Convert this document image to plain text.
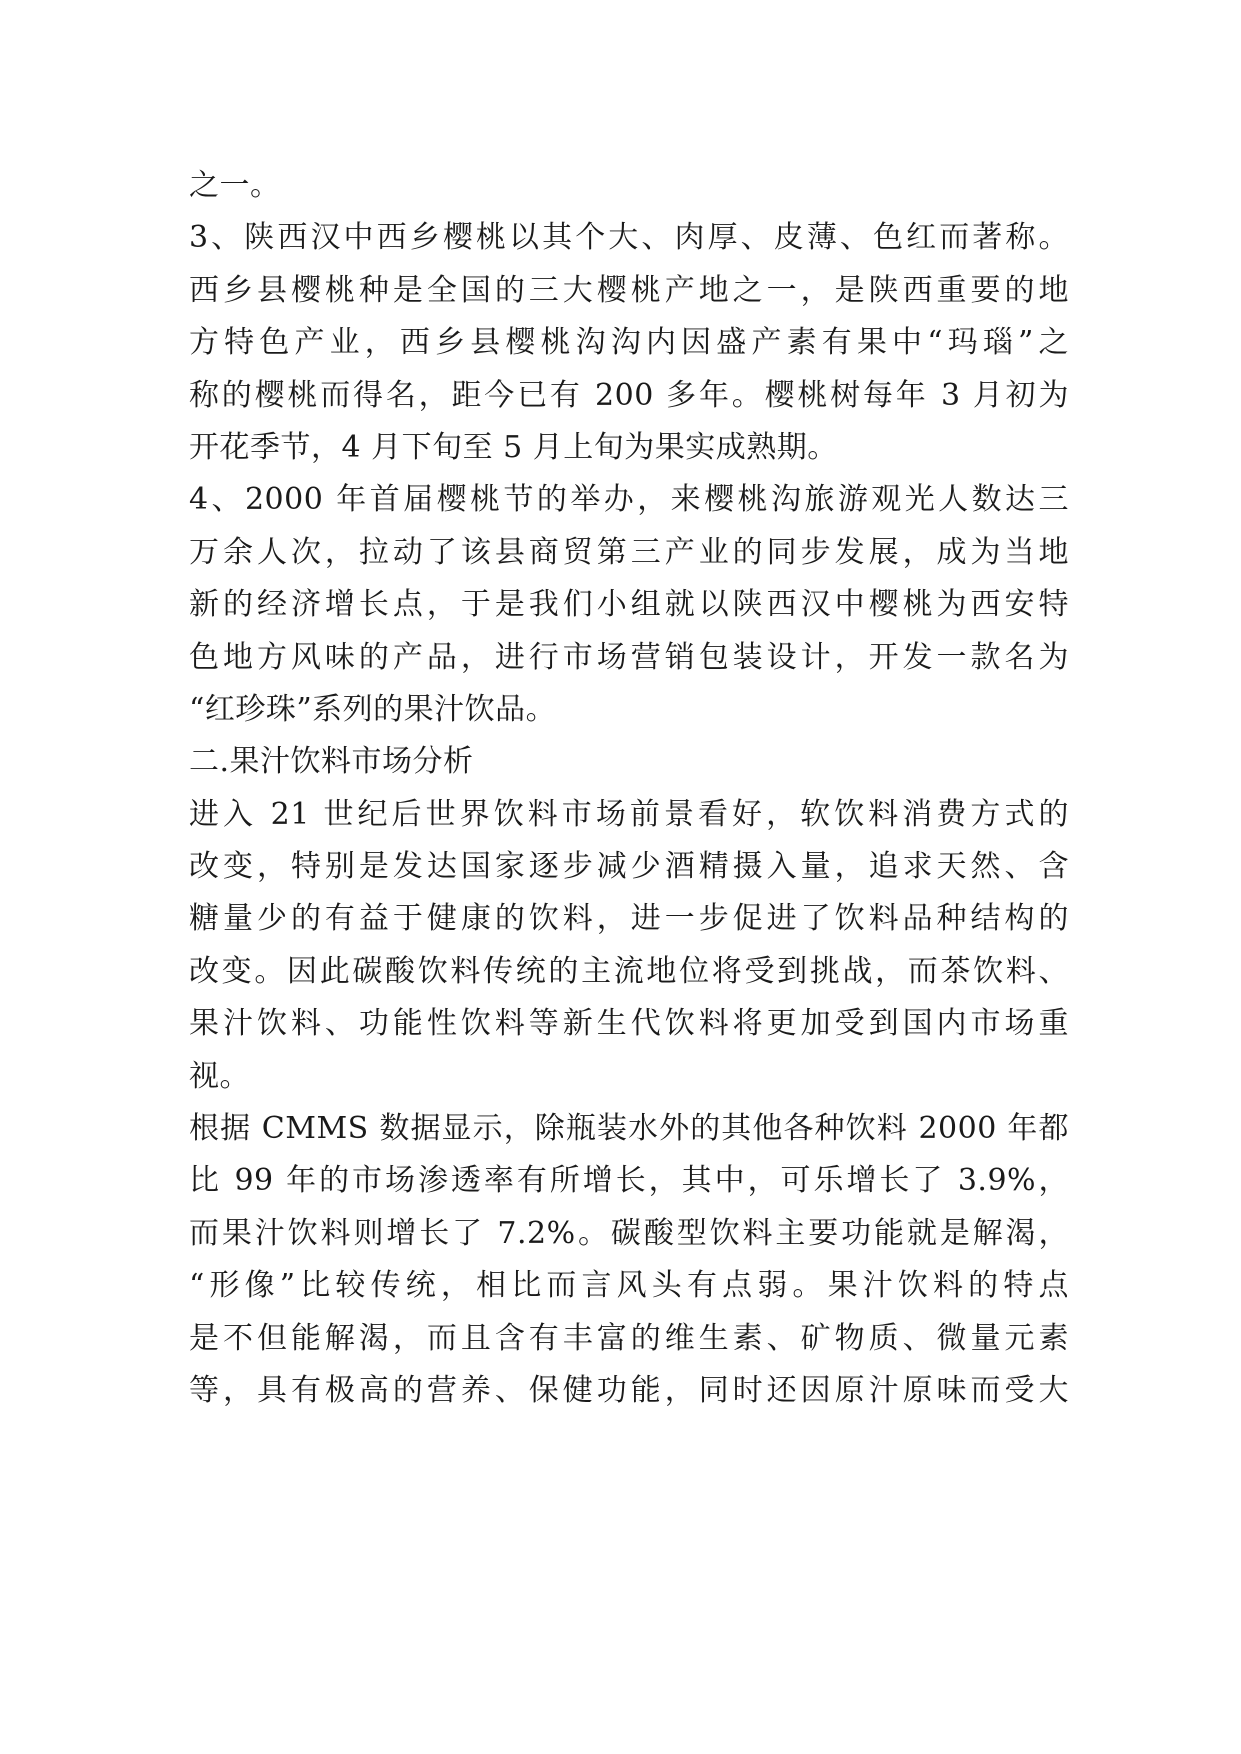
之一。
3、陕西汉中西乡樱桃以其个大、肉厚、皮薄、色红而著称。
西乡县樱桃种是全国的三大樱桃产地之一，是陕西重要的地
方特色产业，西乡县樱桃沟沟内因盛产素有果中“玛瑙”之
称的樱桃而得名，距今已有 200 多年。樱桃树每年 3 月初为
开花季节，4 月下旬至 5 月上旬为果实成熟期。
4、2000 年首届樱桃节的举办，来樱桃沟旅游观光人数达三
万余人次，拉动了该县商贸第三产业的同步发展，成为当地
新的经济增长点，于是我们小组就以陕西汉中樱桃为西安特
色地方风味的产品，进行市场营销包装设计，开发一款名为
“红珍珠”系列的果汁饮品。
二.果汁饮料市场分析
进入 21 世纪后世界饮料市场前景看好，软饮料消费方式的
改变，特别是发达国家逐步减少酒精摄入量，追求天然、含
糖量少的有益于健康的饮料，进一步促进了饮料品种结构的
改变。因此碳酸饮料传统的主流地位将受到挑战，而茶饮料、
果汁饮料、功能性饮料等新生代饮料将更加受到国内市场重
视。
根据 CMMS 数据显示，除瓶装水外的其他各种饮料 2000 年都
比 99 年的市场渗透率有所增长，其中，可乐增长了 3.9%，
而果汁饮料则增长了 7.2%。碳酸型饮料主要功能就是解渴，
“形像”比较传统，相比而言风头有点弱。果汁饮料的特点
是不但能解渴，而且含有丰富的维生素、矿物质、微量元素
等，具有极高的营养、保健功能，同时还因原汁原味而受大
